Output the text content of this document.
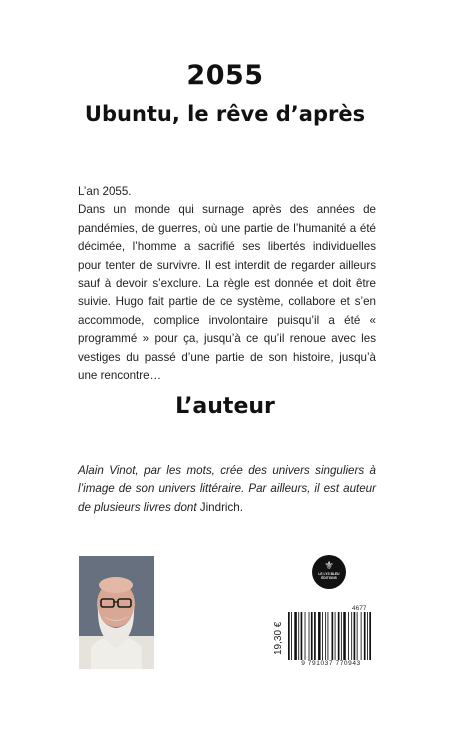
2055
Ubuntu, le rêve d’après

L’an 2055.

Dans un monde qui surnage après des années de pandémies, de guerres, où une partie de l’humanité a été décimée, l’homme a sacrifié ses libertés individuelles pour tenter de survivre. Il est interdit de regarder ailleurs sauf à devoir s’exclure. La règle est donnée et doit être suivie. Hugo fait partie de ce système, collabore et s’en accommode, complice involontaire puisqu’il a été « programmé » pour ça, jusqu’à ce qu’il renoue avec les vestiges du passé d’une partie de son histoire, jusqu’à une rencontre…

L’auteur
Alain Vinot, par les mots, crée des univers singuliers à l’image de son univers littéraire. Par ailleurs, il est auteur de plusieurs livres dont Jindrich.
⚜
LE LYS BLEU
ÉDITIONS
19,30 €
4677
9 791037 770943
